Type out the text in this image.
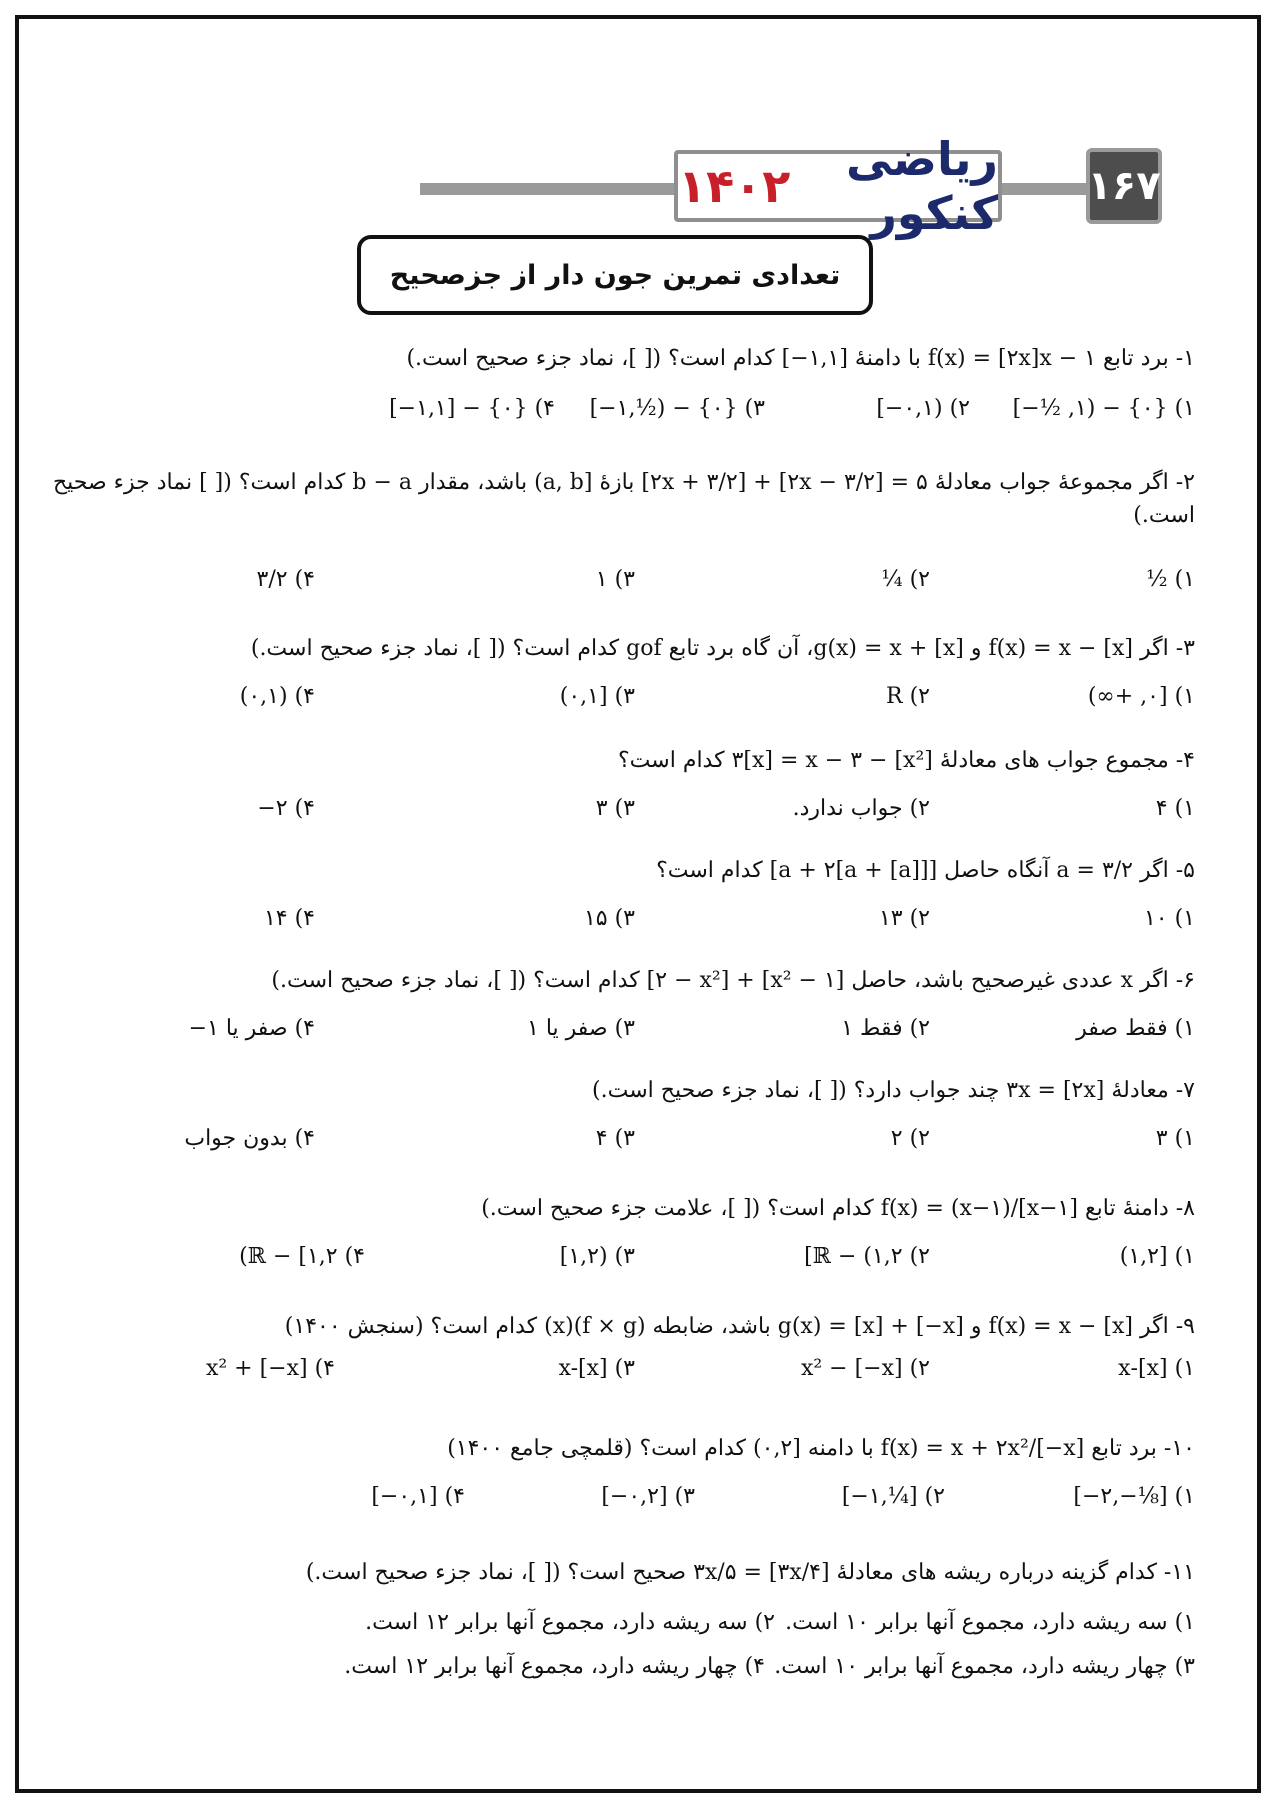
ریاضی کنکور
۱۴۰۲	۱۶۷
تعدادی تمرین جون دار از جزصحیح
۱- برد تابع f(x) = [۲x]x − ۱ با دامنهٔ [۱,۱−] کدام است؟ ([ ]، نماد جزء صحیح است.)
۱) {۰} − (۱, ½−]
۲) (۰,۱−]
۳) {۰} − (½,۱−]
۴) {۰} − [۱,۱−]
۲- اگر مجموعهٔ جواب معادلهٔ ۵ = [۲x − ۳/۲] + [۲x + ۳/۲] بازهٔ [a, b) باشد، مقدار b − a کدام است؟ ([ ] نماد جزء صحیح است.)
۱) ½
۲) ¼
۳) ۱
۴) ۳/۲
۳- اگر f(x) = x − [x] و g(x) = x + [x]، آن گاه برد تابع gof کدام است؟ ([ ]، نماد جزء صحیح است.)
۱) [۰, +∞)
۲) R
۳) [۰,۱)
۴) (۰,۱)
۴- مجموع جواب های معادلهٔ [x²] − ۳[x] = x − ۳ کدام است؟
۱) ۴
۲) جواب ندارد.
۳) ۳
۴) ۲−
۵- اگر a = ۳/۲ آنگاه حاصل [a + ۲[a + [a]]] کدام است؟
۱) ۱۰
۲) ۱۳
۳) ۱۵
۴) ۱۴
۶- اگر x عددی غیرصحیح باشد، حاصل [x² − ۱] + [۲ − x²] کدام است؟ ([ ]، نماد جزء صحیح است.)
۱) فقط صفر
۲) فقط ۱
۳) صفر یا ۱
۴) صفر یا ۱−
۷- معادلهٔ ۳x = [۲x] چند جواب دارد؟ ([ ]، نماد جزء صحیح است.)
۱) ۳
۲) ۲
۳) ۴
۴) بدون جواب
۸- دامنهٔ تابع f(x) = (x−۱)/[x−۱] کدام است؟ ([ ]، علامت جزء صحیح است.)
۱) [۱,۲)
۲) ℝ − (۱,۲]
۳) (۱,۲]
۴) ℝ − [۱,۲)
۹- اگر f(x) = x − [x] و g(x) = [x] + [−x] باشد، ضابطه (f × g)(x) کدام است؟ (سنجش ۱۴۰۰)
۱) [x]-x
۲) x² − [−x]
۳) x-[x]
۴) x² + [−x]
۱۰- برد تابع f(x) = x + ۲x²/[−x] با دامنه [۰,۲) کدام است؟ (قلمچی جامع ۱۴۰۰)
۱) [⅛−,۲−]
۲) [¼,۱−]
۳) [۰,۲−]
۴) [۰,۱−]
۱۱- کدام گزینه درباره ریشه های معادلهٔ ۳x/۵ = [۳x/۴] صحیح است؟ ([ ]، نماد جزء صحیح است.)
۱) سه ریشه دارد، مجموع آنها برابر ۱۰ است.
۲) سه ریشه دارد، مجموع آنها برابر ۱۲ است.
۳) چهار ریشه دارد، مجموع آنها برابر ۱۰ است.
۴) چهار ریشه دارد، مجموع آنها برابر ۱۲ است.
